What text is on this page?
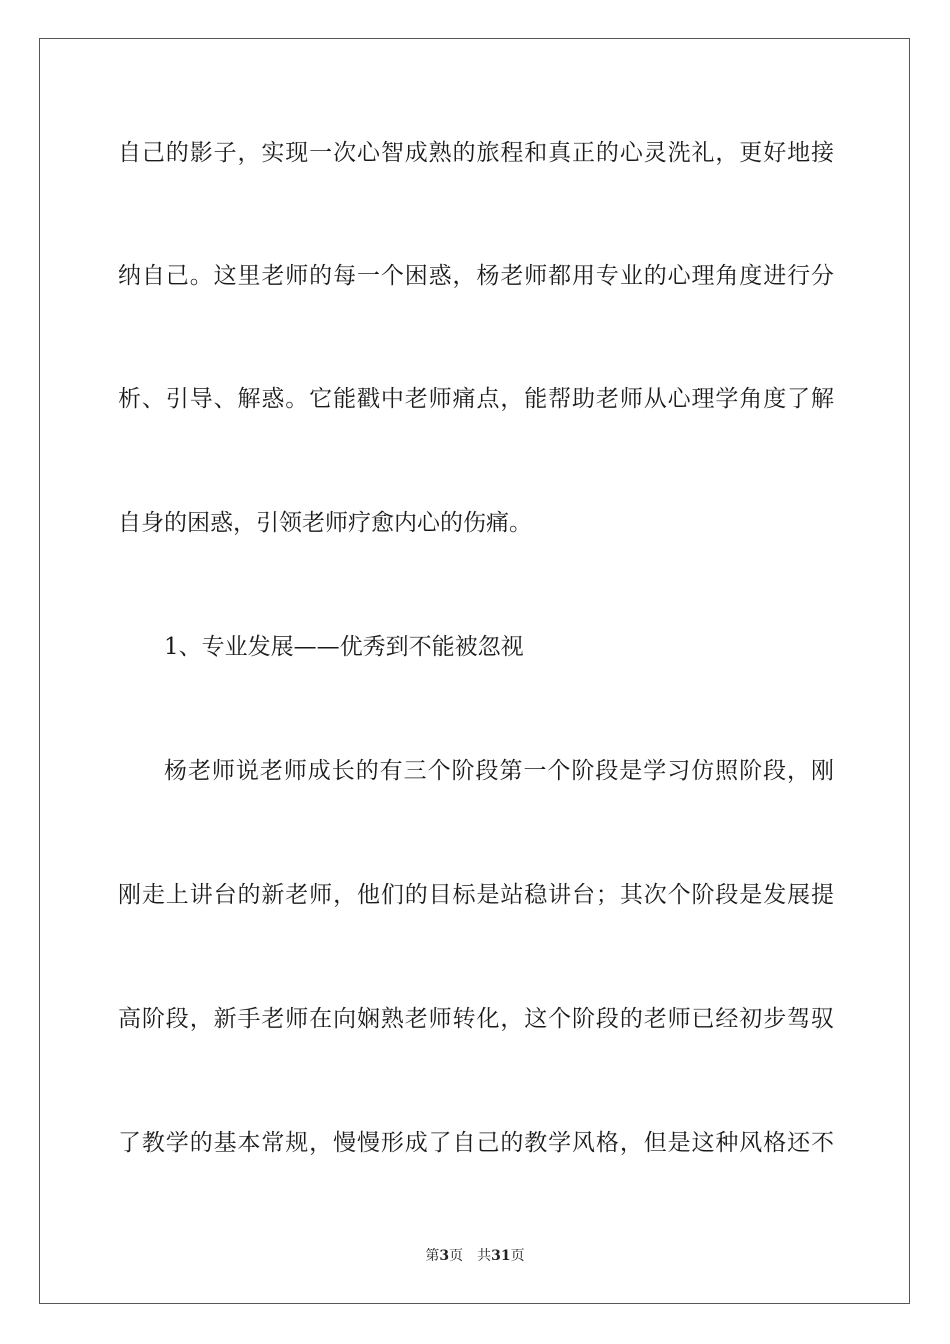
自己的影子，实现一次心智成熟的旅程和真正的心灵洗礼，更好地接
纳自己。这里老师的每一个困惑，杨老师都用专业的心理角度进行分
析、引导、解惑。它能戳中老师痛点，能帮助老师从心理学角度了解
自身的困惑，引领老师疗愈内心的伤痛。
1、专业发展——优秀到不能被忽视
杨老师说老师成长的有三个阶段第一个阶段是学习仿照阶段，刚
刚走上讲台的新老师，他们的目标是站稳讲台；其次个阶段是发展提
高阶段，新手老师在向娴熟老师转化，这个阶段的老师已经初步驾驭
了教学的基本常规，慢慢形成了自己的教学风格，但是这种风格还不
第3页 共31页
